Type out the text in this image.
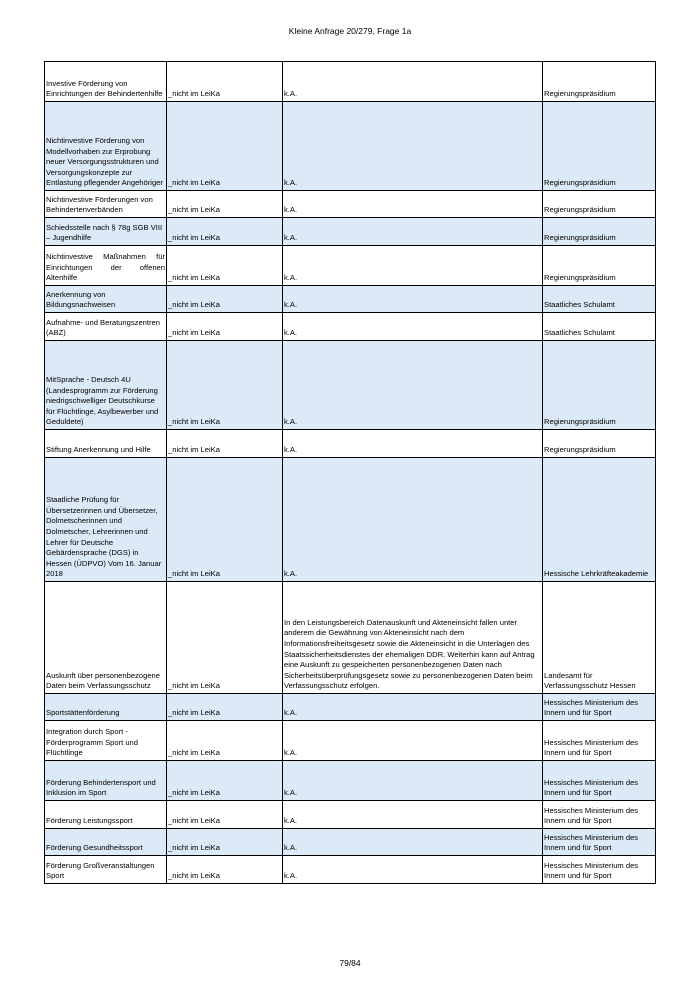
Kleine Anfrage 20/279, Frage 1a
Investive Förderung von Einrichtungen der Behindertenhilfe	_nicht im LeiKa	k.A.	Regierungspräsidium
Nichtinvestive Förderung von Modellvorhaben zur Erprobung neuer Versorgungsstrukturen und Versorgungskonzepte zur Entlastung pflegender Angehöriger	_nicht im LeiKa	k.A.	Regierungspräsidium
Nichtinvestive Förderungen von Behindertenverbänden	_nicht im LeiKa	k.A.	Regierungspräsidium
Schiedsstelle nach § 78g SGB VIII – Jugendhilfe	_nicht im LeiKa	k.A.	Regierungspräsidium
Nichtinvestive Maßnahmen für Einrichtungen der offenen Altenhilfe	_nicht im LeiKa	k.A.	Regierungspräsidium
Anerkennung von Bildungsnachweisen	_nicht im LeiKa	k.A.	Staatliches Schulamt
Aufnahme- und Beratungszentren (ABZ)	_nicht im LeiKa	k.A.	Staatliches Schulamt
MitSprache - Deutsch 4U (Landesprogramm zur Förderung niedrigschwelliger Deutschkurse für Flüchtlinge, Asylbewerber und Geduldete)	_nicht im LeiKa	k.A.	Regierungspräsidium
Stiftung Anerkennung und Hilfe	_nicht im LeiKa	k.A.	Regierungspräsidium
Staatliche Prüfung für Übersetzerinnen und Übersetzer, Dolmetscherinnen und Dolmetscher, Lehrerinnen und Lehrer für Deutsche Gebärdensprache (DGS) in Hessen (ÜDPVO) Vom 16. Januar 2018	_nicht im LeiKa	k.A.	Hessische Lehrkräfteakademie
Auskunft über personenbezogene Daten beim Verfassungsschutz	_nicht im LeiKa	In den Leistungsbereich Datenauskunft und Akteneinsicht fallen unter anderem die Gewährung von Akteneinsicht nach dem Informationsfreiheitsgesetz sowie die Akteneinsicht in die Unterlagen des Staatssicherheitsdienstes der ehemaligen DDR. Weiterhin kann auf Antrag eine Auskunft zu gespeicherten personenbezogenen Daten nach Sicherheitsüberprüfungsgesetz sowie zu personenbezogenen Daten beim Verfassungsschutz erfolgen.	Landesamt für Verfassungsschutz Hessen
Sportstättenförderung	_nicht im LeiKa	k.A.	Hessisches Ministerium des Innern und für Sport
Integration durch Sport - Förderprogramm Sport und Flüchtlinge	_nicht im LeiKa	k.A.	Hessisches Ministerium des Innern und für Sport
Förderung Behindertensport und Inklusion im Sport	_nicht im LeiKa	k.A.	Hessisches Ministerium des Innern und für Sport
Förderung Leistungssport	_nicht im LeiKa	k.A.	Hessisches Ministerium des Innern und für Sport
Förderung Gesundheitssport	_nicht im LeiKa	k.A.	Hessisches Ministerium des Innern und für Sport
Förderung Großveranstaltungen Sport	_nicht im LeiKa	k.A.	Hessisches Ministerium des Innern und für Sport
79/84
